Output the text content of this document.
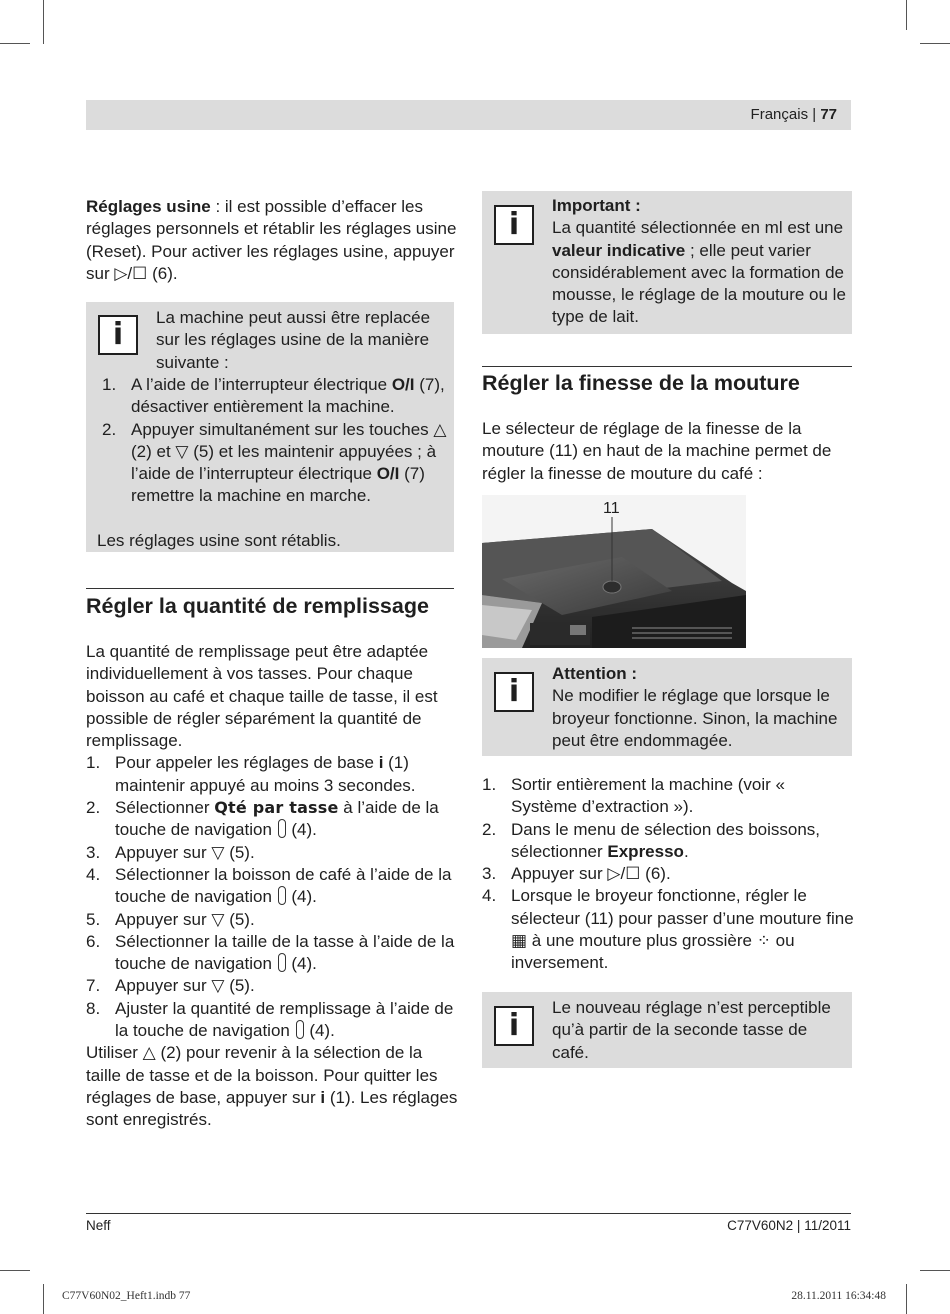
Français | 77

Réglages usine : il est possible d’effacer les réglages personnels et rétablir les réglages usine (Reset). Pour activer les réglages usine, appuyer sur ▷/☐ (6).

i La machine peut aussi être replacée sur les réglages usine de la manière suivante :
1. A l’aide de l’interrupteur électrique O/I (7), désactiver entièrement la machine.
2. Appuyer simultanément sur les touches △ (2) et ▽ (5) et les maintenir appuyées ; à l’aide de l’interrupteur électrique O/I (7) remettre la machine en marche.
Les réglages usine sont rétablis.
Régler la quantité de remplissage

La quantité de remplissage peut être adaptée individuellement à vos tasses. Pour chaque boisson au café et chaque taille de tasse, il est possible de régler séparément la quantité de remplissage.

1. Pour appeler les réglages de base i (1) maintenir appuyé au moins 3 secondes.
2. Sélectionner Qté par tasse à l’aide de la touche de navigation  (4).
3. Appuyer sur ▽ (5).
4. Sélectionner la boisson de café à l’aide de la touche de navigation  (4).
5. Appuyer sur ▽ (5).
6. Sélectionner la taille de la tasse à l’aide de la touche de navigation  (4).
7. Appuyer sur ▽ (5).
8. Ajuster la quantité de remplissage à l’aide de la touche de navigation  (4).

Utiliser △ (2) pour revenir à la sélection de la taille de tasse et de la boisson. Pour quitter les réglages de base, appuyer sur i (1). Les réglages sont enregistrés.

i
Important :
La quantité sélectionnée en ml est une valeur indicative ; elle peut varier considérablement avec la formation de mousse, le réglage de la mouture ou le type de lait.
Régler la finesse de la mouture
Le sélecteur de réglage de la finesse de la mouture (11) en haut de la machine permet de régler la finesse de mouture du café :
11
i
Attention :
Ne modifier le réglage que lorsque le broyeur fonctionne. Sinon, la machine peut être endommagée.
1. Sortir entièrement la machine (voir « Système d’extraction »).
2. Dans le menu de sélection des boissons, sélectionner Expresso.
3. Appuyer sur ▷/☐ (6).
4. Lorsque le broyeur fonctionne, régler le sélecteur (11) pour passer d’une mouture fine ▦ à une mouture plus grossière ⁘ ou inversement.
i
Le nouveau réglage n’est perceptible qu’à partir de la seconde tasse de café.
Neff	C77V60N2 | 11/2011
C77V60N02_Heft1.indb 77	28.11.2011 16:34:48
